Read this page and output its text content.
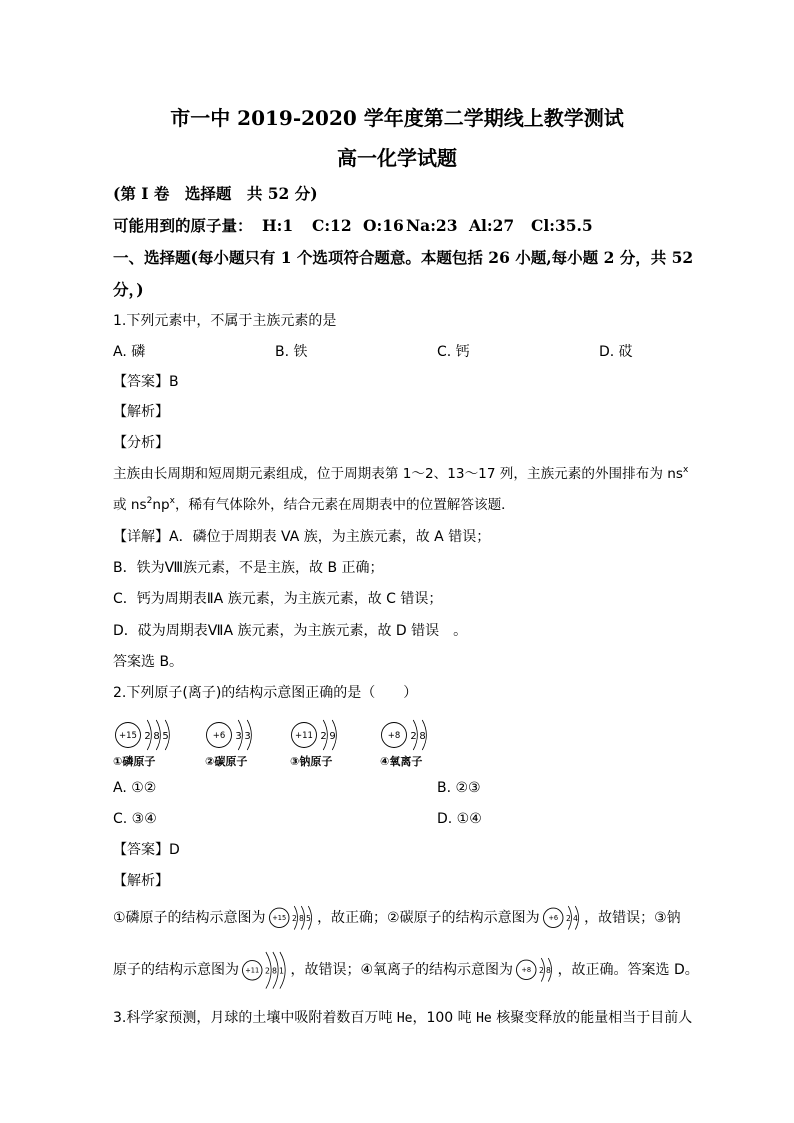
市一中 2019-2020 学年度第二学期线上教学测试
高一化学试题
(第 I 卷　选择题　共 52 分)
可能用到的原子量： H:1 C:12 O:16 Na:23 Al:27 Cl:35.5
一、选择题(每小题只有 1 个选项符合题意。本题包括 26 小题,每小题 2 分，共 52
分，)
1.下列元素中，不属于主族元素的是
A. 磷	B. 铁	C. 钙	D. 砹
【答案】B
【解析】
【分析】
主族由长周期和短周期元素组成，位于周期表第 1～2、13～17 列，主族元素的外围排布为 $ns^x$
或 $ns^2np^x$，稀有气体除外，结合元素在周期表中的位置解答该题．
【详解】A．磷位于周期表 VA 族，为主族元素，故 A 错误；
B．铁为Ⅷ族元素，不是主族，故 B 正确；
C．钙为周期表ⅡA 族元素，为主族元素，故 C 错误；
D．砹为周期表ⅦA 族元素，为主族元素，故 D 错误　。
答案选 B。
2.下列原子(离子)的结构示意图正确的是（　　）
+15 2 8 5	+6 3 3	+11 2 9	+8 2 8
①磷原子	②碳原子	③钠原子	④氧离子
A. ①②	B. ②③
C. ③④	D. ①④
【答案】D
【解析】
①磷原子的结构示意图为 +15 2 8 5 ，故正确；②碳原子的结构示意图为 +6 2 4 ，故错误；③钠
原子的结构示意图为 +11 2 8 1 ，故错误；④氧离子的结构示意图为 +8 2 8 ，故正确。答案选 D。
3.科学家预测，月球的土壤中吸附着数百万吨 He，100 吨 He 核聚变释放的能量相当于目前人
